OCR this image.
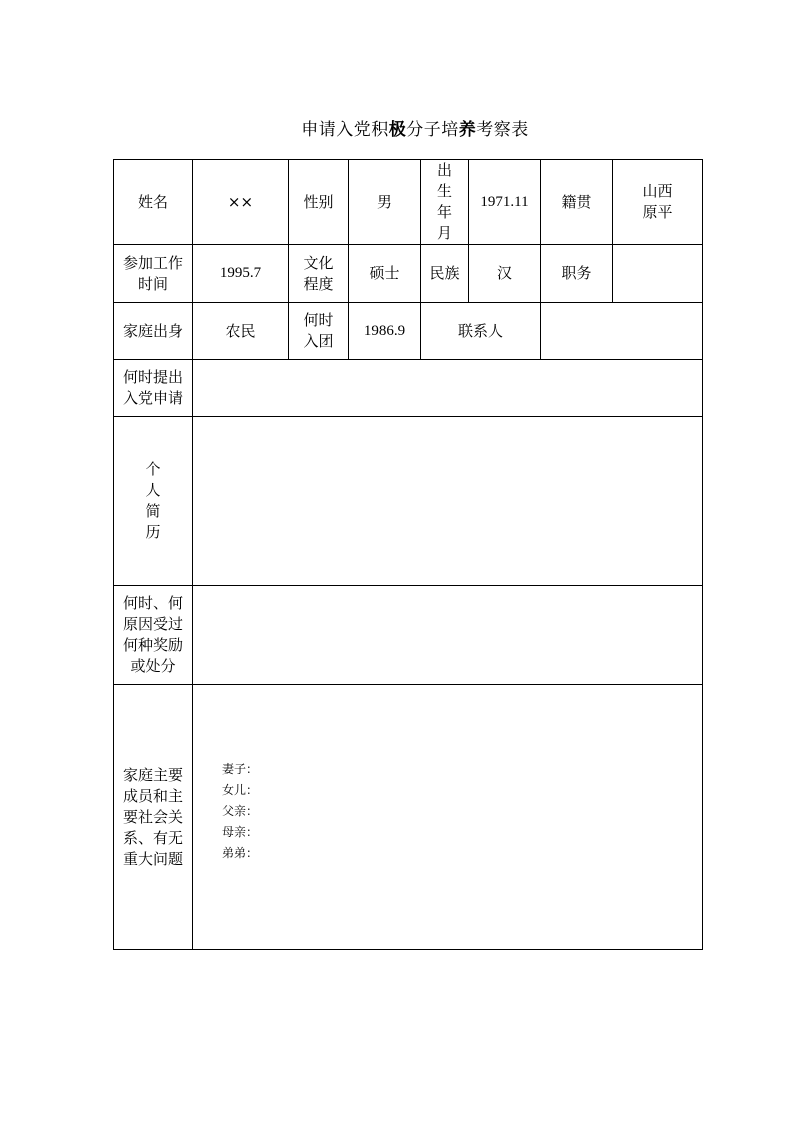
申请入党积极分子培养考察表
姓名	××	性别	男	出生年月	1971.11	籍贯	山西原平
参加工作时间	1995.7	文化程度	硕士	民族	汉	职务	
家庭出身	农民	何时入团	1986.9	联系人			
何时提出入党申请							

个
人
简
历							

何时、何原因受过何种奖励或处分							
家庭主要成员和主要社会关系、有无重大问题	妻子：
女儿：
父亲：
母亲：
弟弟：						
